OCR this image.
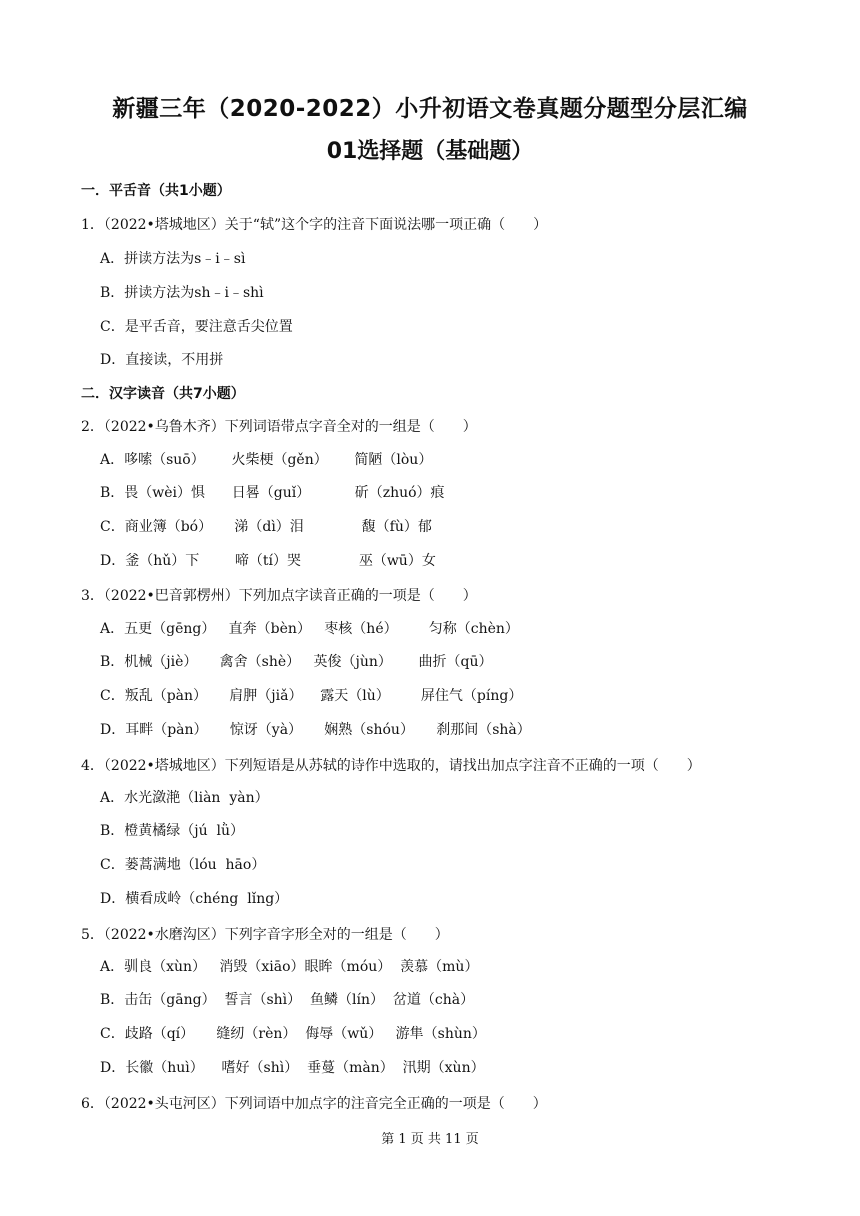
新疆三年（2020-2022）小升初语文卷真题分题型分层汇编
01选择题（基础题）
一．平舌音（共1小题）
1．（2022•塔城地区）关于“轼”这个字的注音下面说法哪一项正确（　　）
A．拼读方法为s﹣i﹣sì
B．拼读方法为sh﹣i﹣shì
C．是平舌音，要注意舌尖位置
D．直接读，不用拼
二．汉字读音（共7小题）
2．（2022•乌鲁木齐）下列词语带点字音全对的一组是（　　）
A．哆嗦（suō）      火柴梗（gěn）      简陋（lòu）
B．畏（wèi）惧      日晷（guǐ）          斫（zhuó）痕
C．商业簿（bó）     涕（dì）泪             馥（fù）郁
D．釜（hǔ）下        啼（tí）哭             巫（wū）女
3．（2022•巴音郭楞州）下列加点字读音正确的一项是（　　）
A．五更（gēng）   直奔（bèn）   枣核（hé）       匀称（chèn）
B．机械（jiè）     禽舍（shè）   英俊（jùn）      曲折（qū）
C．叛乱（pàn）     肩胛（jiǎ）    露天（lù）       屏住气（píng）
D．耳畔（pàn）     惊讶（yà）     娴熟（shóu）     刹那间（shà）
4．（2022•塔城地区）下列短语是从苏轼的诗作中选取的，请找出加点字注音不正确的一项（　　）
A．水光潋滟（liàn  yàn）
B．橙黄橘绿（jú  lǜ）
C．蒌蒿满地（lóu  hāo）
D．横看成岭（chéng  lǐng）
5．（2022•水磨沟区）下列字音字形全对的一组是（　　）
A．驯良（xùn）   消毁（xiāo）眼眸（móu）  羡慕（mù）
B．击缶（gāng）  誓言（shì）  鱼鳞（lín）  岔道（chà）
C．歧路（qí）     缝纫（rèn）  侮辱（wǔ）   游隼（shùn）
D．长徽（huì）    嗜好（shì）  垂蔓（màn）  汛期（xùn）
6．（2022•头屯河区）下列词语中加点字的注音完全正确的一项是（　　）
第 1 页 共 11 页
